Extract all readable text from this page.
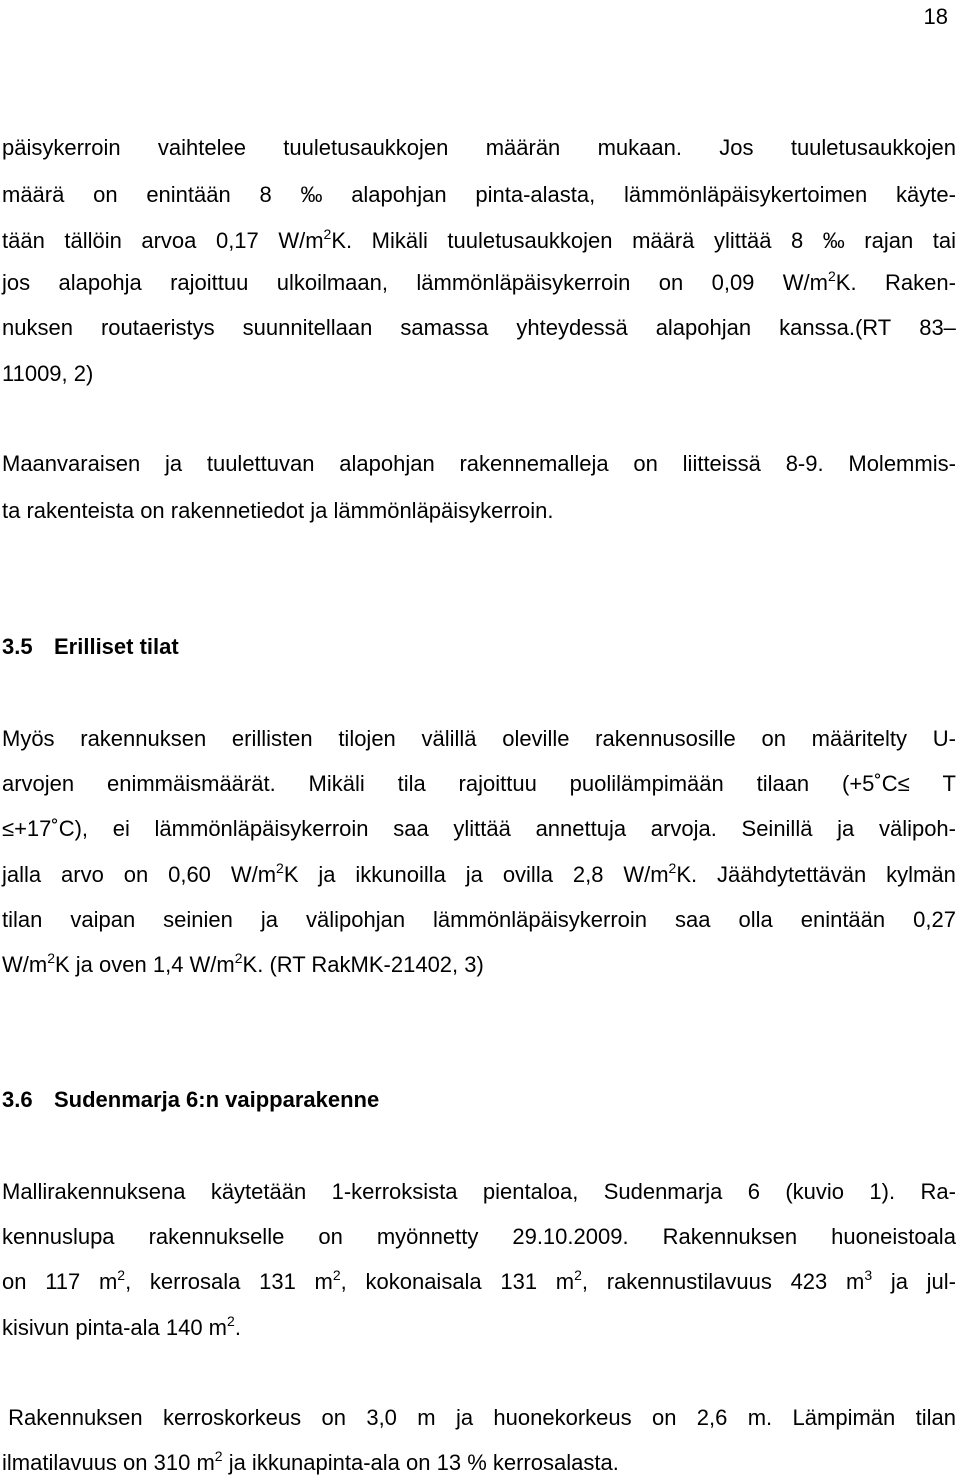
18
päisykerroin vaihtelee tuuletusaukkojen määrän mukaan. Jos tuuletusaukkojen
määrä on enintään 8 ‰ alapohjan pinta-alasta, lämmönläpäisykertoimen käyte-
tään tällöin arvoa 0,17 $W/m^2K$. Mikäli tuuletusaukkojen määrä ylittää 8 ‰ rajan tai
jos alapohja rajoittuu ulkoilmaan, lämmönläpäisykerroin on 0,09 $W/m^2K$. Raken-
nuksen routaeristys suunnitellaan samassa yhteydessä alapohjan kanssa.(RT 83–
11009, 2)
Maanvaraisen ja tuulettuvan alapohjan rakennemalleja on liitteissä 8-9. Molemmis-
ta rakenteista on rakennetiedot ja lämmönläpäisykerroin.
3.5 Erilliset tilat
Myös rakennuksen erillisten tilojen välillä oleville rakennusosille on määritelty U-
arvojen enimmäismäärät. Mikäli tila rajoittuu puolilämpimään tilaan (+5˚C≤ T
≤+17˚C), ei lämmönläpäisykerroin saa ylittää annettuja arvoja. Seinillä ja välipoh-
jalla arvo on 0,60 $W/m^2K$ ja ikkunoilla ja ovilla 2,8 $W/m^2K$. Jäähdytettävän kylmän
tilan vaipan seinien ja välipohjan lämmönläpäisykerroin saa olla enintään 0,27
$W/m^2K$ ja oven 1,4 $W/m^2K$. (RT RakMK-21402, 3)
3.6 Sudenmarja 6:n vaipparakenne
Mallirakennuksena käytetään 1-kerroksista pientaloa, Sudenmarja 6 (kuvio 1). Ra-
kennuslupa rakennukselle on myönnetty 29.10.2009. Rakennuksen huoneistoala
on 117 $m^2$, kerrosala 131 $m^2$, kokonaisala 131 $m^2$, rakennustilavuus 423 $m^3$ ja jul-
kisivun pinta-ala 140 $m^2$.
Rakennuksen kerroskorkeus on 3,0 m ja huonekorkeus on 2,6 m. Lämpimän tilan
ilmatilavuus on 310 $m^2$ ja ikkunapinta-ala on 13 % kerrosalasta.
